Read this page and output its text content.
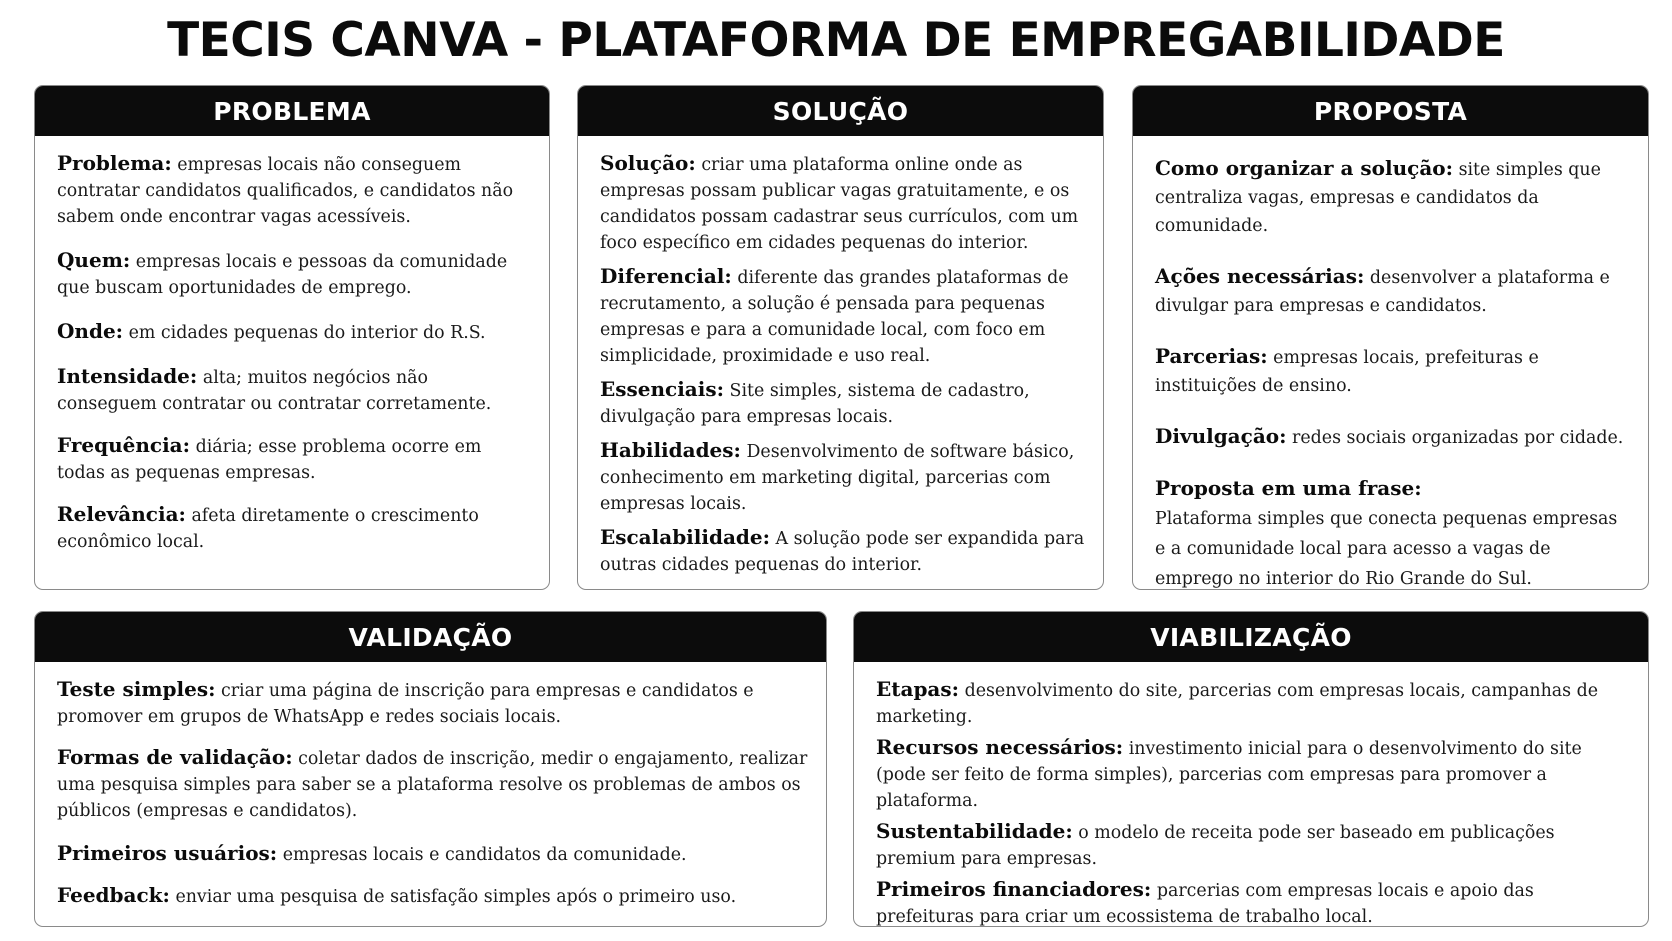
TECIS CANVA - PLATAFORMA DE EMPREGABILIDADE
PROBLEMA

Problema: empresas locais não conseguem contratar candidatos qualificados, e candidatos não sabem onde encontrar vagas acessíveis.

Quem: empresas locais e pessoas da comunidade que buscam oportunidades de emprego.

Onde: em cidades pequenas do interior do R.S.

Intensidade: alta; muitos negócios não conseguem contratar ou contratar corretamente.

Frequência: diária; esse problema ocorre em todas as pequenas empresas.

Relevância: afeta diretamente o crescimento econômico local.

SOLUÇÃO

Solução: criar uma plataforma online onde as empresas possam publicar vagas gratuitamente, e os candidatos possam cadastrar seus currículos, com um foco específico em cidades pequenas do interior.

Diferencial: diferente das grandes plataformas de recrutamento, a solução é pensada para pequenas empresas e para a comunidade local, com foco em simplicidade, proximidade e uso real.

Essenciais: Site simples, sistema de cadastro, divulgação para empresas locais.

Habilidades: Desenvolvimento de software básico, conhecimento em marketing digital, parcerias com empresas locais.

Escalabilidade: A solução pode ser expandida para outras cidades pequenas do interior.

PROPOSTA

Como organizar a solução: site simples que centraliza vagas, empresas e candidatos da comunidade.

Ações necessárias: desenvolver a plataforma e divulgar para empresas e candidatos.

Parcerias: empresas locais, prefeituras e instituições de ensino.

Divulgação: redes sociais organizadas por cidade.

Proposta em uma frase:
Plataforma simples que conecta pequenas empresas e a comunidade local para acesso a vagas de emprego no interior do Rio Grande do Sul.

VALIDAÇÃO

Teste simples: criar uma página de inscrição para empresas e candidatos e promover em grupos de WhatsApp e redes sociais locais.

Formas de validação: coletar dados de inscrição, medir o engajamento, realizar uma pesquisa simples para saber se a plataforma resolve os problemas de ambos os públicos (empresas e candidatos).

Primeiros usuários: empresas locais e candidatos da comunidade.

Feedback: enviar uma pesquisa de satisfação simples após o primeiro uso.

VIABILIZAÇÃO

Etapas: desenvolvimento do site, parcerias com empresas locais, campanhas de marketing.

Recursos necessários: investimento inicial para o desenvolvimento do site (pode ser feito de forma simples), parcerias com empresas para promover a plataforma.

Sustentabilidade: o modelo de receita pode ser baseado em publicações premium para empresas.

Primeiros financiadores: parcerias com empresas locais e apoio das prefeituras para criar um ecossistema de trabalho local.
